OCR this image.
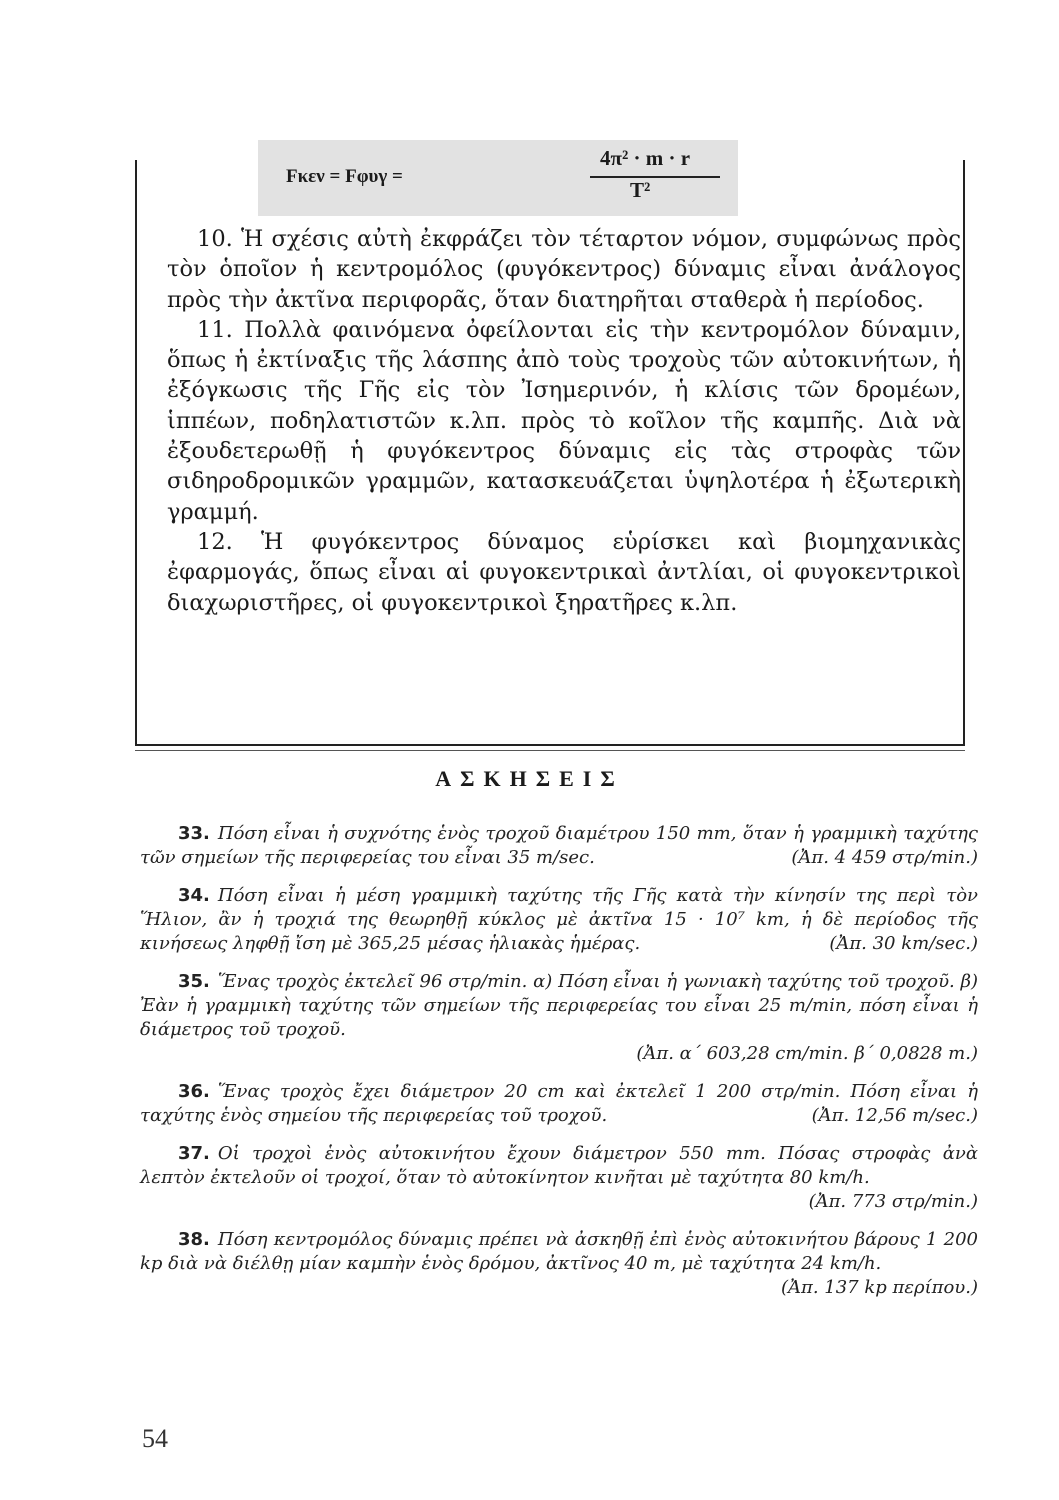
Fκεν = Fφυγ =
4π² · m · r
T²

10. Ἡ σχέσις αὐτὴ ἐκφράζει τὸν τέταρτον νόμον, συμφώνως πρὸς τὸν ὁποῖον ἡ κεντρομόλος (φυγόκεντρος) δύναμις εἶναι ἀνάλογος πρὸς τὴν ἀκτῖνα περιφορᾶς, ὅταν διατηρῆται σταθερὰ ἡ περίοδος.

11. Πολλὰ φαινόμενα ὀφείλονται εἰς τὴν κεντρομόλον δύναμιν, ὅπως ἡ ἐκτίναξις τῆς λάσπης ἀπὸ τοὺς τροχοὺς τῶν αὐτοκινήτων, ἡ ἐξόγκωσις τῆς Γῆς εἰς τὸν Ἰσημερινόν, ἡ κλίσις τῶν δρομέων, ἱππέων, ποδηλατιστῶν κ.λπ. πρὸς τὸ κοῖλον τῆς καμπῆς. Διὰ νὰ ἐξουδετερωθῇ ἡ φυγόκεντρος δύναμις εἰς τὰς στροφὰς τῶν σιδηροδρομικῶν γραμμῶν, κατασκευάζεται ὑψηλοτέρα ἡ ἐξωτερικὴ γραμμή.

12. Ἡ φυγόκεντρος δύναμος εὑρίσκει καὶ βιομηχανικὰς ἐφαρμογάς, ὅπως εἶναι αἱ φυγοκεντρικαὶ ἀντλίαι, οἱ φυγοκεντρικοὶ διαχωριστῆρες, οἱ φυγοκεντρικοὶ ξηρατῆρες κ.λπ.

ΑΣΚΗΣΕΙΣ

33. Πόση εἶναι ἡ συχνότης ἑνὸς τροχοῦ διαμέτρου 150 mm, ὅταν ἡ γραμμικὴ ταχύτης τῶν σημείων τῆς περιφερείας του εἶναι 35 m/sec.	(Ἀπ. 4 459 στρ/min.)

34. Πόση εἶναι ἡ μέση γραμμικὴ ταχύτης τῆς Γῆς κατὰ τὴν κίνησίν της περὶ τὸν Ἥλιον, ἂν ἡ τροχιά της θεωρηθῇ κύκλος μὲ ἀκτῖνα 15 · 10⁷ km, ἡ δὲ περίοδος τῆς κινήσεως ληφθῇ ἴση μὲ 365,25 μέσας ἡλιακὰς ἡμέρας.	(Ἀπ. 30 km/sec.)

35. Ἕνας τροχὸς ἐκτελεῖ 96 στρ/min. α) Πόση εἶναι ἡ γωνιακὴ ταχύτης τοῦ τροχοῦ. β) Ἐὰν ἡ γραμμικὴ ταχύτης τῶν σημείων τῆς περιφερείας του εἶναι 25 m/min, πόση εἶναι ἡ διάμετρος τοῦ τροχοῦ.
(Ἀπ. α´ 603,28 cm/min. β´ 0,0828 m.)

36. Ἕνας τροχὸς ἔχει διάμετρον 20 cm καὶ ἐκτελεῖ 1 200 στρ/min. Πόση εἶναι ἡ ταχύτης ἑνὸς σημείου τῆς περιφερείας τοῦ τροχοῦ.	(Ἀπ. 12,56 m/sec.)

37. Οἱ τροχοὶ ἑνὸς αὐτοκινήτου ἔχουν διάμετρον 550 mm. Πόσας στροφὰς ἀνὰ λεπτὸν ἐκτελοῦν οἱ τροχοί, ὅταν τὸ αὐτοκίνητον κινῆται μὲ ταχύτητα 80 km/h.
(Ἀπ. 773 στρ/min.)

38. Πόση κεντρομόλος δύναμις πρέπει νὰ ἀσκηθῇ ἐπὶ ἑνὸς αὐτοκινήτου βάρους 1 200 kp διὰ νὰ διέλθῃ μίαν καμπὴν ἑνὸς δρόμου, ἀκτῖνος 40 m, μὲ ταχύτητα 24 km/h.
(Ἀπ. 137 kp περίπου.)

54
